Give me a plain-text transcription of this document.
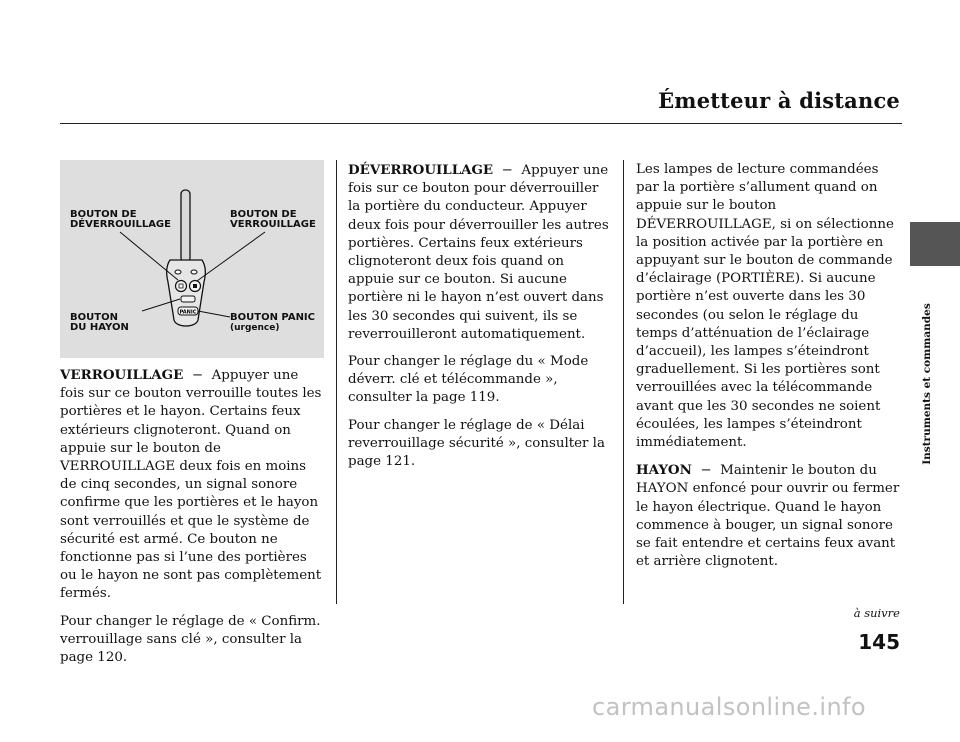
Émetteur à distance
Instruments et commandes
PANIC
BOUTON DE
DÉVERROUILLAGE
BOUTON DE
VERROUILLAGE
BOUTON
DU HAYON
BOUTON PANIC
(urgence)

VERROUILLAGE − Appuyer une fois sur ce bouton verrouille toutes les portières et le hayon. Certains feux extérieurs clignoteront. Quand on appuie sur le bouton de VERROUILLAGE deux fois en moins de cinq secondes, un signal sonore confirme que les portières et le hayon sont verrouillés et que le système de sécurité est armé. Ce bouton ne fonctionne pas si l’une des portières ou le hayon ne sont pas complètement fermés.

Pour changer le réglage de « Confirm. verrouillage sans clé », consulter la page 120.

DÉVERROUILLAGE − Appuyer une fois sur ce bouton pour déverrouiller la portière du conducteur. Appuyer deux fois pour déverrouiller les autres portières. Certains feux extérieurs clignoteront deux fois quand on appuie sur ce bouton. Si aucune portière ni le hayon n’est ouvert dans les 30 secondes qui suivent, ils se reverrouilleront automatiquement.

Pour changer le réglage du « Mode déverr. clé et télécommande », consulter la page 119.

Pour changer le réglage de « Délai reverrouillage sécurité », consulter la page 121.

Les lampes de lecture commandées par la portière s’allument quand on appuie sur le bouton DÉVERROUILLAGE, si on sélectionne la position activée par la portière en appuyant sur le bouton de commande d’éclairage (PORTIÈRE). Si aucune portière n’est ouverte dans les 30 secondes (ou selon le réglage du temps d’atténuation de l’éclairage d’accueil), les lampes s’éteindront graduellement. Si les portières sont verrouillées avec la télécommande avant que les 30 secondes ne soient écoulées, les lampes s’éteindront immédiatement.

HAYON − Maintenir le bouton du HAYON enfoncé pour ouvrir ou fermer le hayon électrique. Quand le hayon commence à bouger, un signal sonore se fait entendre et certains feux avant et arrière clignotent.

à suivre
145
carmanualsonline.info
